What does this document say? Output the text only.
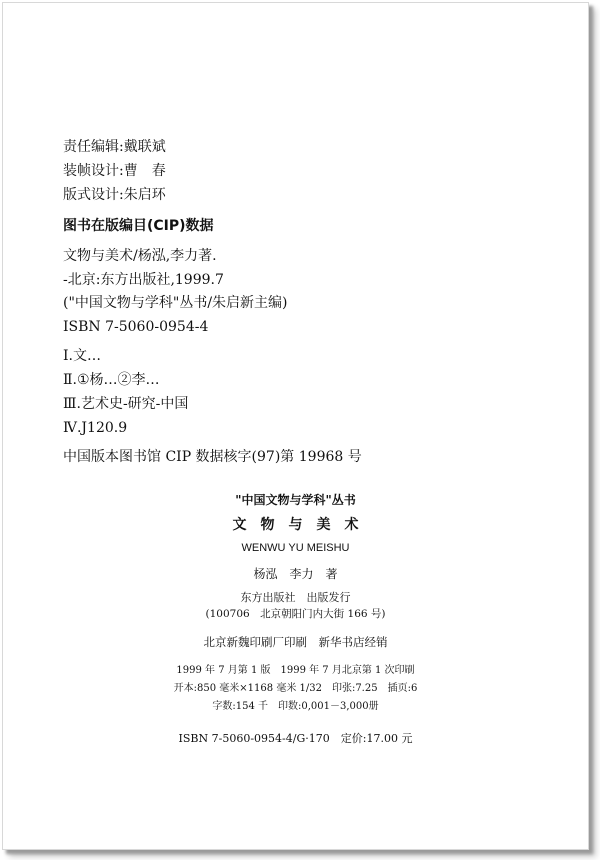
责任编辑:戴联斌
装帧设计:曹　春
版式设计:朱启环
图书在版编目(CIP)数据
文物与美术/杨泓,李力著.
-北京:东方出版社,1999.7
("中国文物与学科"丛书/朱启新主编)
ISBN 7-5060-0954-4
Ⅰ.文…
Ⅱ.①杨…②李…
Ⅲ.艺术史-研究-中国
Ⅳ.J120.9
中国版本图书馆 CIP 数据核字(97)第 19968 号
"中国文物与学科"丛书
文　物　与　美　术
WENWU YU MEISHU
杨泓　李力　著
东方出版社　出版发行
(100706　北京朝阳门内大街 166 号)
北京新魏印刷厂印刷　新华书店经销
1999 年 7 月第 1 版　1999 年 7 月北京第 1 次印刷
开本:850 毫米×1168 毫米 1/32　印张:7.25　插页:6
字数:154 千　印数:0,001－3,000册
ISBN 7-5060-0954-4/G·170　定价:17.00 元
